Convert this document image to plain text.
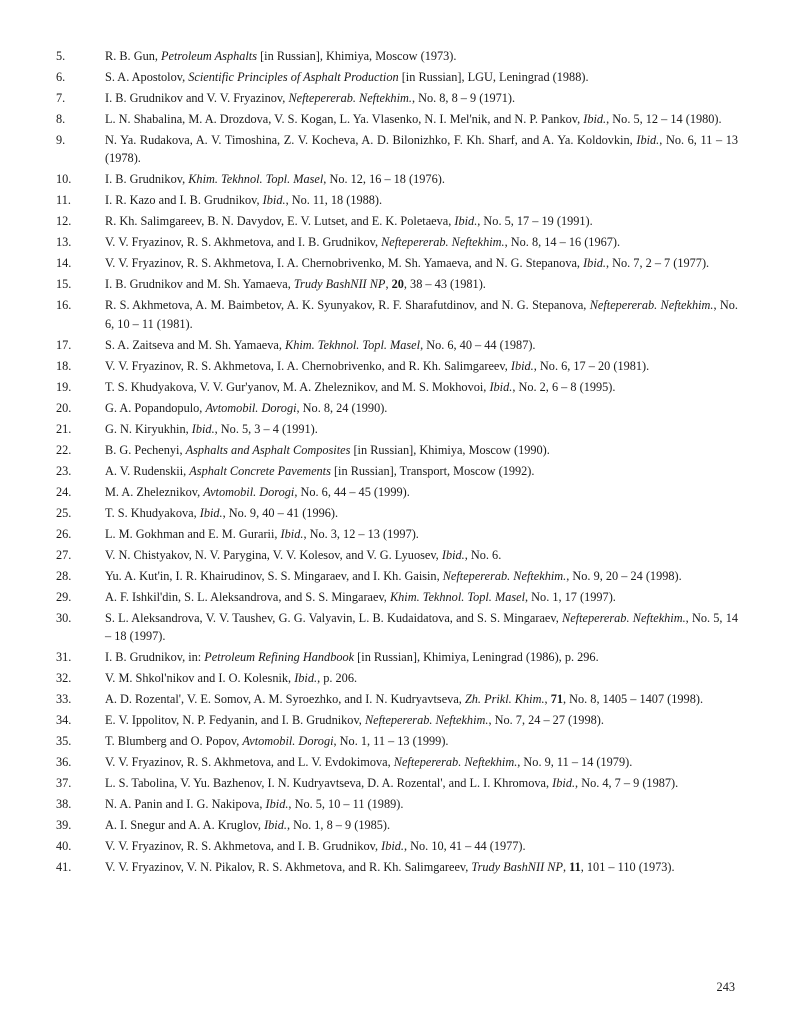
5.	R. B. Gun, Petroleum Asphalts [in Russian], Khimiya, Moscow (1973).
6.	S. A. Apostolov, Scientific Principles of Asphalt Production [in Russian], LGU, Leningrad (1988).
7.	I. B. Grudnikov and V. V. Fryazinov, Neftepererab. Neftekhim., No. 8, 8 – 9 (1971).
8.	L. N. Shabalina, M. A. Drozdova, V. S. Kogan, L. Ya. Vlasenko, N. I. Mel'nik, and N. P. Pankov, Ibid., No. 5, 12 – 14 (1980).
9.	N. Ya. Rudakova, A. V. Timoshina, Z. V. Kocheva, A. D. Bilonizhko, F. Kh. Sharf, and A. Ya. Koldovkin, Ibid., No. 6, 11 – 13 (1978).
10.	I. B. Grudnikov, Khim. Tekhnol. Topl. Masel, No. 12, 16 – 18 (1976).
11.	I. R. Kazo and I. B. Grudnikov, Ibid., No. 11, 18 (1988).
12.	R. Kh. Salimgareev, B. N. Davydov, E. V. Lutset, and E. K. Poletaeva, Ibid., No. 5, 17 – 19 (1991).
13.	V. V. Fryazinov, R. S. Akhmetova, and I. B. Grudnikov, Neftepererab. Neftekhim., No. 8, 14 – 16 (1967).
14.	V. V. Fryazinov, R. S. Akhmetova, I. A. Chernobrivenko, M. Sh. Yamaeva, and N. G. Stepanova, Ibid., No. 7, 2 – 7 (1977).
15.	I. B. Grudnikov and M. Sh. Yamaeva, Trudy BashNII NP, 20, 38 – 43 (1981).
16.	R. S. Akhmetova, A. M. Baimbetov, A. K. Syunyakov, R. F. Sharafutdinov, and N. G. Stepanova, Neftepererab. Neftekhim., No. 6, 10 – 11 (1981).
17.	S. A. Zaitseva and M. Sh. Yamaeva, Khim. Tekhnol. Topl. Masel, No. 6, 40 – 44 (1987).
18.	V. V. Fryazinov, R. S. Akhmetova, I. A. Chernobrivenko, and R. Kh. Salimgareev, Ibid., No. 6, 17 – 20 (1981).
19.	T. S. Khudyakova, V. V. Gur'yanov, M. A. Zheleznikov, and M. S. Mokhovoi, Ibid., No. 2, 6 – 8 (1995).
20.	G. A. Popandopulo, Avtomobil. Dorogi, No. 8, 24 (1990).
21.	G. N. Kiryukhin, Ibid., No. 5, 3 – 4 (1991).
22.	B. G. Pechenyi, Asphalts and Asphalt Composites [in Russian], Khimiya, Moscow (1990).
23.	A. V. Rudenskii, Asphalt Concrete Pavements [in Russian], Transport, Moscow (1992).
24.	M. A. Zheleznikov, Avtomobil. Dorogi, No. 6, 44 – 45 (1999).
25.	T. S. Khudyakova, Ibid., No. 9, 40 – 41 (1996).
26.	L. M. Gokhman and E. M. Gurarii, Ibid., No. 3, 12 – 13 (1997).
27.	V. N. Chistyakov, N. V. Parygina, V. V. Kolesov, and V. G. Lyuosev, Ibid., No. 6.
28.	Yu. A. Kut'in, I. R. Khairudinov, S. S. Mingaraev, and I. Kh. Gaisin, Neftepererab. Neftekhim., No. 9, 20 – 24 (1998).
29.	A. F. Ishkil'din, S. L. Aleksandrova, and S. S. Mingaraev, Khim. Tekhnol. Topl. Masel, No. 1, 17 (1997).
30.	S. L. Aleksandrova, V. V. Taushev, G. G. Valyavin, L. B. Kudaidatova, and S. S. Mingaraev, Neftepererab. Neftekhim., No. 5, 14 – 18 (1997).
31.	I. B. Grudnikov, in: Petroleum Refining Handbook [in Russian], Khimiya, Leningrad (1986), p. 296.
32.	V. M. Shkol'nikov and I. O. Kolesnik, Ibid., p. 206.
33.	A. D. Rozental', V. E. Somov, A. M. Syroezhko, and I. N. Kudryavtseva, Zh. Prikl. Khim., 71, No. 8, 1405 – 1407 (1998).
34.	E. V. Ippolitov, N. P. Fedyanin, and I. B. Grudnikov, Neftepererab. Neftekhim., No. 7, 24 – 27 (1998).
35.	T. Blumberg and O. Popov, Avtomobil. Dorogi, No. 1, 11 – 13 (1999).
36.	V. V. Fryazinov, R. S. Akhmetova, and L. V. Evdokimova, Neftepererab. Neftekhim., No. 9, 11 – 14 (1979).
37.	L. S. Tabolina, V. Yu. Bazhenov, I. N. Kudryavtseva, D. A. Rozental', and L. I. Khromova, Ibid., No. 4, 7 – 9 (1987).
38.	N. A. Panin and I. G. Nakipova, Ibid., No. 5, 10 – 11 (1989).
39.	A. I. Snegur and A. A. Kruglov, Ibid., No. 1, 8 – 9 (1985).
40.	V. V. Fryazinov, R. S. Akhmetova, and I. B. Grudnikov, Ibid., No. 10, 41 – 44 (1977).
41.	V. V. Fryazinov, V. N. Pikalov, R. S. Akhmetova, and R. Kh. Salimgareev, Trudy BashNII NP, 11, 101 – 110 (1973).
243
